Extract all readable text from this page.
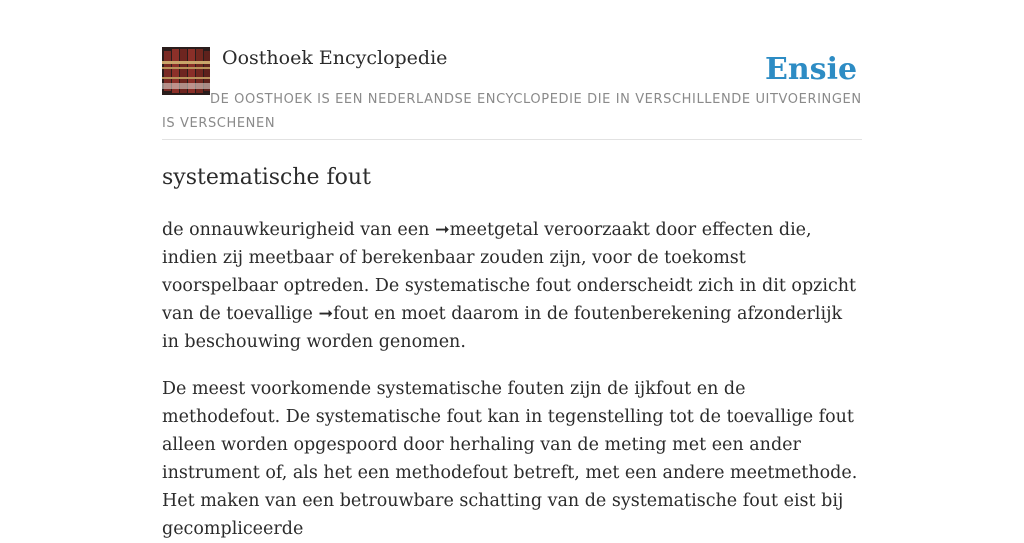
Oosthoek Encyclopedie	Ensie
DE OOSTHOEK IS EEN NEDERLANDSE ENCYCLOPEDIE DIE IN VERSCHILLENDE UITVOERINGEN IS VERSCHENEN
systematische fout

de onnauwkeurigheid van een ➞meetgetal veroorzaakt door effecten die, indien zij meetbaar of berekenbaar zouden zijn, voor de toekomst voorspelbaar optreden. De systematische fout onderscheidt zich in dit opzicht van de toevallige ➞fout en moet daarom in de foutenberekening afzonderlijk in beschouwing worden genomen.

De meest voorkomende systematische fouten zijn de ijkfout en de methodefout. De systematische fout kan in tegenstelling tot de toevallige fout alleen worden opgespoord door herhaling van de meting met een ander instrument of, als het een methodefout betreft, met een andere meetmethode. Het maken van een betrouwbare schatting van de systematische fout eist bij gecompliceerde
